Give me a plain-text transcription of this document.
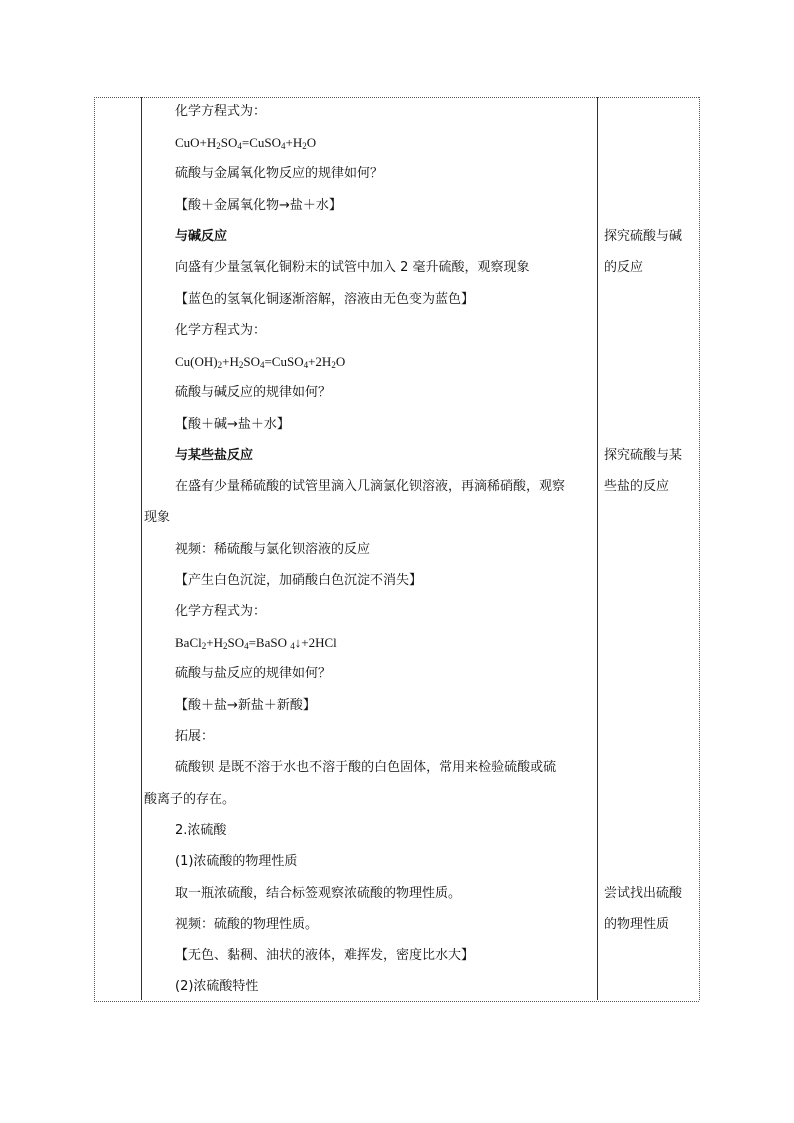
化学方程式为：
$CuO+H_2SO_4=CuSO_4+H_2O$
硫酸与金属氧化物反应的规律如何？
【酸＋金属氧化物→盐＋水】
与碱反应
向盛有少量氢氧化铜粉末的试管中加入 2 毫升硫酸，观察现象
【蓝色的氢氧化铜逐渐溶解，溶液由无色变为蓝色】
化学方程式为：
$Cu(OH)_2+H_2SO_4=CuSO_4+2H_2O$
硫酸与碱反应的规律如何？
【酸＋碱→盐＋水】
与某些盐反应
在盛有少量稀硫酸的试管里滴入几滴氯化钡溶液，再滴稀硝酸，观察
现象
视频：稀硫酸与氯化钡溶液的反应
【产生白色沉淀，加硝酸白色沉淀不消失】
化学方程式为：
$BaCl_2+H_2SO_4=BaSO$ $_4$↓+2HCl
硫酸与盐反应的规律如何？
【酸＋盐→新盐＋新酸】
拓展：
硫酸钡 是既不溶于水也不溶于酸的白色固体，常用来检验硫酸或硫
酸离子的存在。
2.浓硫酸
(1)浓硫酸的物理性质
取一瓶浓硫酸，结合标签观察浓硫酸的物理性质。
视频：硫酸的物理性质。
【无色、黏稠、油状的液体，难挥发，密度比水大】
(2)浓硫酸特性
探究硫酸与碱
的反应
探究硫酸与某
些盐的反应
尝试找出硫酸
的物理性质
